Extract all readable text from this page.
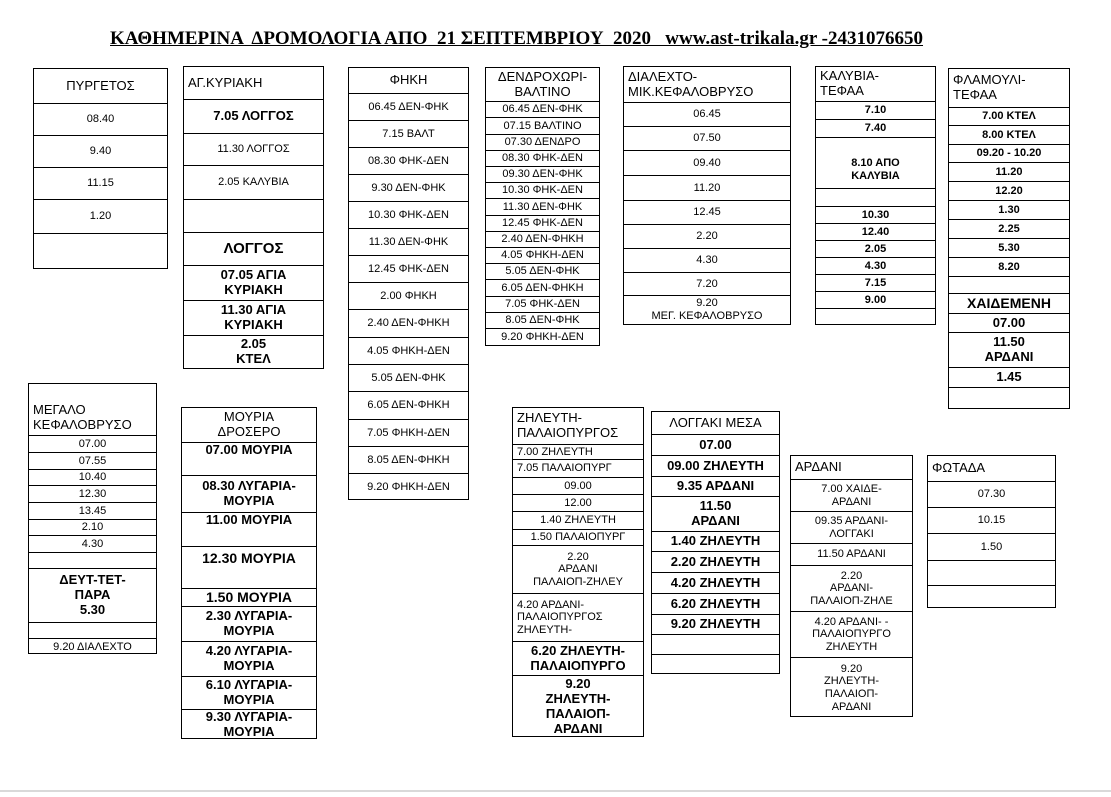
ΚΑΘΗΜΕΡΙΝΑ  ΔΡΟΜΟΛΟΓΙΑ ΑΠΟ  21 ΣΕΠΤΕΜΒΡΙΟΥ  2020   www.ast-trikala.gr -2431076650
ΠΥΡΓΕΤΟΣ
08.40
9.40
11.15
1.20
ΑΓ.ΚΥΡΙΑΚΗ
7.05 ΛΟΓΓΟΣ
11.30 ΛΟΓΓΟΣ
2.05 ΚΑΛΥΒΙΑ
ΛΟΓΓΟΣ
07.05 ΑΓΙΑ
ΚΥΡΙΑΚΗ
11.30 ΑΓΙΑ
ΚΥΡΙΑΚΗ
2.05
ΚΤΕΛ
ΦΗΚΗ
06.45 ΔΕΝ-ΦΗΚ
7.15 ΒΑΛΤ
08.30 ΦΗΚ-ΔΕΝ
9.30 ΔΕΝ-ΦΗΚ
10.30 ΦΗΚ-ΔΕΝ
11.30 ΔΕΝ-ΦΗΚ
12.45 ΦΗΚ-ΔΕΝ
2.00 ΦΗΚΗ
2.40 ΔΕΝ-ΦΗΚΗ
4.05 ΦΗΚΗ-ΔΕΝ
5.05 ΔΕΝ-ΦΗΚ
6.05 ΔΕΝ-ΦΗΚΗ
7.05 ΦΗΚΗ-ΔΕΝ
8.05 ΔΕΝ-ΦΗΚΗ
9.20 ΦΗΚΗ-ΔΕΝ
ΔΕΝΔΡΟΧΩΡΙ-
ΒΑΛΤΙΝΟ
06.45 ΔΕΝ-ΦΗΚ
07.15 ΒΑΛΤΙΝΟ
07.30 ΔΕΝΔΡΟ
08.30 ΦΗΚ-ΔΕΝ
09.30 ΔΕΝ-ΦΗΚ
10.30 ΦΗΚ-ΔΕΝ
11.30 ΔΕΝ-ΦΗΚ
12.45 ΦΗΚ-ΔΕΝ
2.40 ΔΕΝ-ΦΗΚΗ
4.05 ΦΗΚΗ-ΔΕΝ
5.05 ΔΕΝ-ΦΗΚ
6.05 ΔΕΝ-ΦΗΚΗ
7.05 ΦΗΚ-ΔΕΝ
8.05 ΔΕΝ-ΦΗΚ
9.20 ΦΗΚΗ-ΔΕΝ
ΔΙΑΛΕΧΤΟ-
ΜΙΚ.ΚΕΦΑΛΟΒΡΥΣΟ
06.45
07.50
09.40
11.20
12.45
2.20
4.30
7.20
9.20
ΜΕΓ. ΚΕΦΑΛΟΒΡΥΣΟ
ΚΑΛΥΒΙΑ-
ΤΕΦΑΑ
7.10
7.40
8.10 ΑΠΟ
ΚΑΛΥΒΙΑ
10.30
12.40
2.05
4.30
7.15
9.00
ΦΛΑΜΟΥΛΙ-
ΤΕΦΑΑ
7.00 ΚΤΕΛ
8.00 ΚΤΕΛ
09.20 - 10.20
11.20
12.20
1.30
2.25
5.30
8.20
ΧΑΙΔΕΜΕΝΗ
07.00
11.50
ΑΡΔΑΝΙ
1.45
ΜΕΓΑΛΟ
ΚΕΦΑΛΟΒΡΥΣΟ
07.00
07.55
10.40
12.30
13.45
2.10
4.30
ΔΕΥΤ-ΤΕΤ-
ΠΑΡΑ
5.30
9.20 ΔΙΑΛΕΧΤΟ
ΜΟΥΡΙΑ
ΔΡΟΣΕΡΟ
07.00 ΜΟΥΡΙΑ
08.30 ΛΥΓΑΡΙΑ-
ΜΟΥΡΙΑ
11.00 ΜΟΥΡΙΑ
12.30 ΜΟΥΡΙΑ
1.50 ΜΟΥΡΙΑ
2.30 ΛΥΓΑΡΙΑ-
ΜΟΥΡΙΑ
4.20 ΛΥΓΑΡΙΑ-
ΜΟΥΡΙΑ
6.10 ΛΥΓΑΡΙΑ-
ΜΟΥΡΙΑ
9.30 ΛΥΓΑΡΙΑ-
ΜΟΥΡΙΑ
ΖΗΛΕΥΤΗ-
ΠΑΛΑΙΟΠΥΡΓΟΣ
7.00 ΖΗΛΕΥΤΗ
7.05 ΠΑΛΑΙΟΠΥΡΓ
09.00
12.00
1.40 ΖΗΛΕΥΤΗ
1.50 ΠΑΛΑΙΟΠΥΡΓ
2.20
ΑΡΔΑΝΙ
ΠΑΛΑΙΟΠ-ΖΗΛΕΥ
4.20 ΑΡΔΑΝΙ-
ΠΑΛΑΙΟΠΥΡΓΟΣ
ΖΗΛΕΥΤΗ-
6.20 ΖΗΛΕΥΤΗ-
ΠΑΛΑΙΟΠΥΡΓΟ
9.20
ΖΗΛΕΥΤΗ-
ΠΑΛΑΙΟΠ-
ΑΡΔΑΝΙ
ΛΟΓΓΑΚΙ ΜΕΣΑ
07.00
09.00 ΖΗΛΕΥΤΗ
9.35 ΑΡΔΑΝΙ
11.50
ΑΡΔΑΝΙ
1.40 ΖΗΛΕΥΤΗ
2.20 ΖΗΛΕΥΤΗ
4.20 ΖΗΛΕΥΤΗ
6.20 ΖΗΛΕΥΤΗ
9.20 ΖΗΛΕΥΤΗ
ΑΡΔΑΝΙ
7.00 ΧΑΙΔΕ-
ΑΡΔΑΝΙ
09.35 ΑΡΔΑΝΙ-
ΛΟΓΓΑΚΙ
11.50 ΑΡΔΑΝΙ
2.20
ΑΡΔΑΝΙ-
ΠΑΛΑΙΟΠ-ΖΗΛΕ
4.20 ΑΡΔΑΝΙ- -
ΠΑΛΑΙΟΠΥΡΓΟ
ΖΗΛΕΥΤΗ
9.20
ΖΗΛΕΥΤΗ-
ΠΑΛΑΙΟΠ-
ΑΡΔΑΝΙ
ΦΩΤΑΔΑ
07.30
10.15
1.50
